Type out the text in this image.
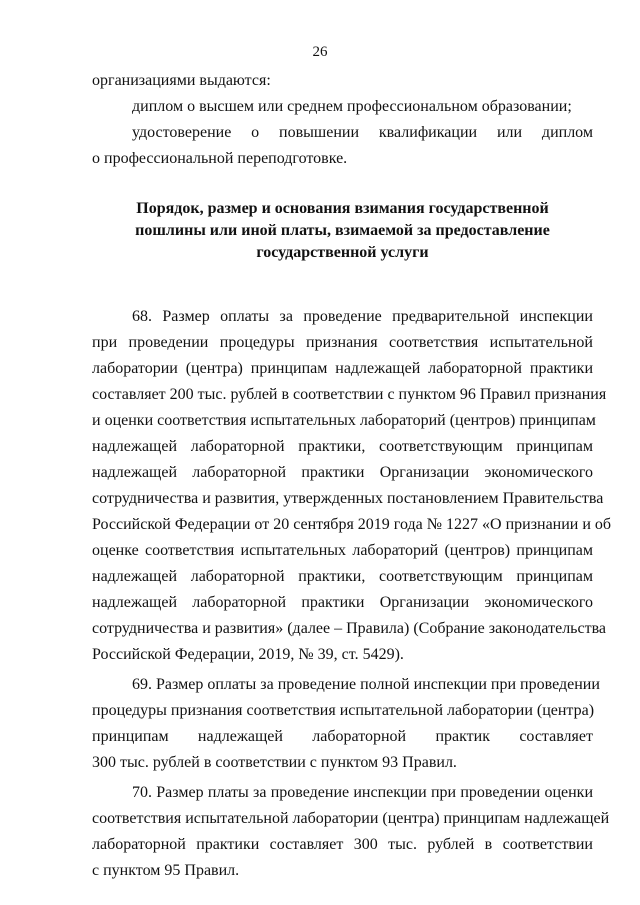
26
организациями выдаются:
диплом о высшем или среднем профессиональном образовании;
удостоверение о повышении квалификации или диплом
о профессиональной переподготовке.
Порядок, размер и основания взимания государственной
пошлины или иной платы, взимаемой за предоставление
государственной услуги
68. Размер оплаты за проведение предварительной инспекции
при проведении процедуры признания соответствия испытательной
лаборатории (центра) принципам надлежащей лабораторной практики
составляет 200 тыс. рублей в соответствии с пунктом 96 Правил признания
и оценки соответствия испытательных лабораторий (центров) принципам
надлежащей лабораторной практики, соответствующим принципам
надлежащей лабораторной практики Организации экономического
сотрудничества и развития, утвержденных постановлением Правительства
Российской Федерации от 20 сентября 2019 года № 1227 «О признании и об
оценке соответствия испытательных лабораторий (центров) принципам
надлежащей лабораторной практики, соответствующим принципам
надлежащей лабораторной практики Организации экономического
сотрудничества и развития» (далее – Правила) (Собрание законодательства
Российской Федерации, 2019, № 39, ст. 5429).
69. Размер оплаты за проведение полной инспекции при проведении
процедуры признания соответствия испытательной лаборатории (центра)
принципам надлежащей лабораторной практик составляет
300 тыс. рублей в соответствии с пунктом 93 Правил.
70. Размер платы за проведение инспекции при проведении оценки
соответствия испытательной лаборатории (центра) принципам надлежащей
лабораторной практики составляет 300 тыс. рублей в соответствии
с пунктом 95 Правил.
